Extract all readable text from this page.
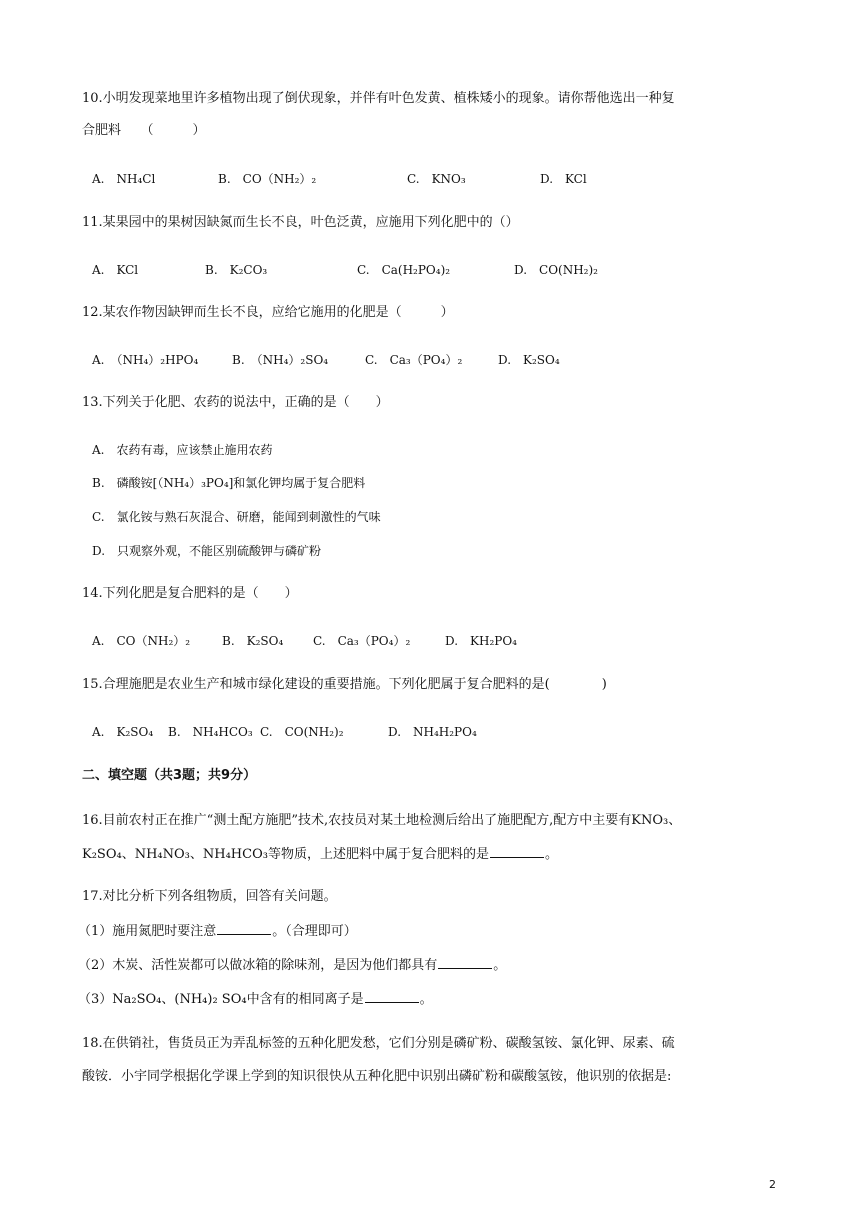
10.小明发现菜地里许多植物出现了倒伏现象，并伴有叶色发黄、植株矮小的现象。请你帮他选出一种复
合肥料　　（　　　）
A.　NH₄Cl	B.　CO（NH₂）₂	C.　KNO₃	D.　KCl
11.某果园中的果树因缺氮而生长不良，叶色泛黄，应施用下列化肥中的（）
A.　KCl	B.　K₂CO₃	C.　Ca(H₂PO₄)₂	D.　CO(NH₂)₂
12.某农作物因缺钾而生长不良，应给它施用的化肥是（　　　）
A.　（NH₄）₂HPO₄	B.　（NH₄）₂SO₄	C.　Ca₃（PO₄）₂	D.　K₂SO₄
13.下列关于化肥、农药的说法中，正确的是（　　）
A.　农药有毒，应该禁止施用农药
B.　磷酸铵[（NH₄）₃PO₄]和氯化钾均属于复合肥料
C.　氯化铵与熟石灰混合、研磨，能闻到刺激性的气味
D.　只观察外观，不能区别硫酸钾与磷矿粉
14.下列化肥是复合肥料的是（　　）
A.　CO（NH₂）₂	B.　K₂SO₄ C.　Ca₃（PO₄）₂	D.　KH₂PO₄
15.合理施肥是农业生产和城市绿化建设的重要措施。下列化肥属于复合肥料的是(　　　　)
A.　K₂SO₄ B.　NH₄HCO₃ C.　CO(NH₂)₂	D.　NH₄H₂PO₄
二、填空题（共3题；共9分）
16.目前农村正在推广“测土配方施肥”技术,农技员对某土地检测后给出了施肥配方,配方中主要有KNO₃、
K₂SO₄、NH₄NO₃、NH₄HCO₃等物质，上述肥料中属于复合肥料的是	。
17.对比分析下列各组物质，回答有关问题。
（1）施用氮肥时要注意	。（合理即可）
（2）木炭、活性炭都可以做冰箱的除味剂，是因为他们都具有	。
（3）Na₂SO₄、(NH₄)₂ SO₄中含有的相同离子是	。
18.在供销社，售货员正为弄乱标签的五种化肥发愁，它们分别是磷矿粉、碳酸氢铵、氯化钾、尿素、硫
酸铵．小宇同学根据化学课上学到的知识很快从五种化肥中识别出磷矿粉和碳酸氢铵，他识别的依据是:
2
